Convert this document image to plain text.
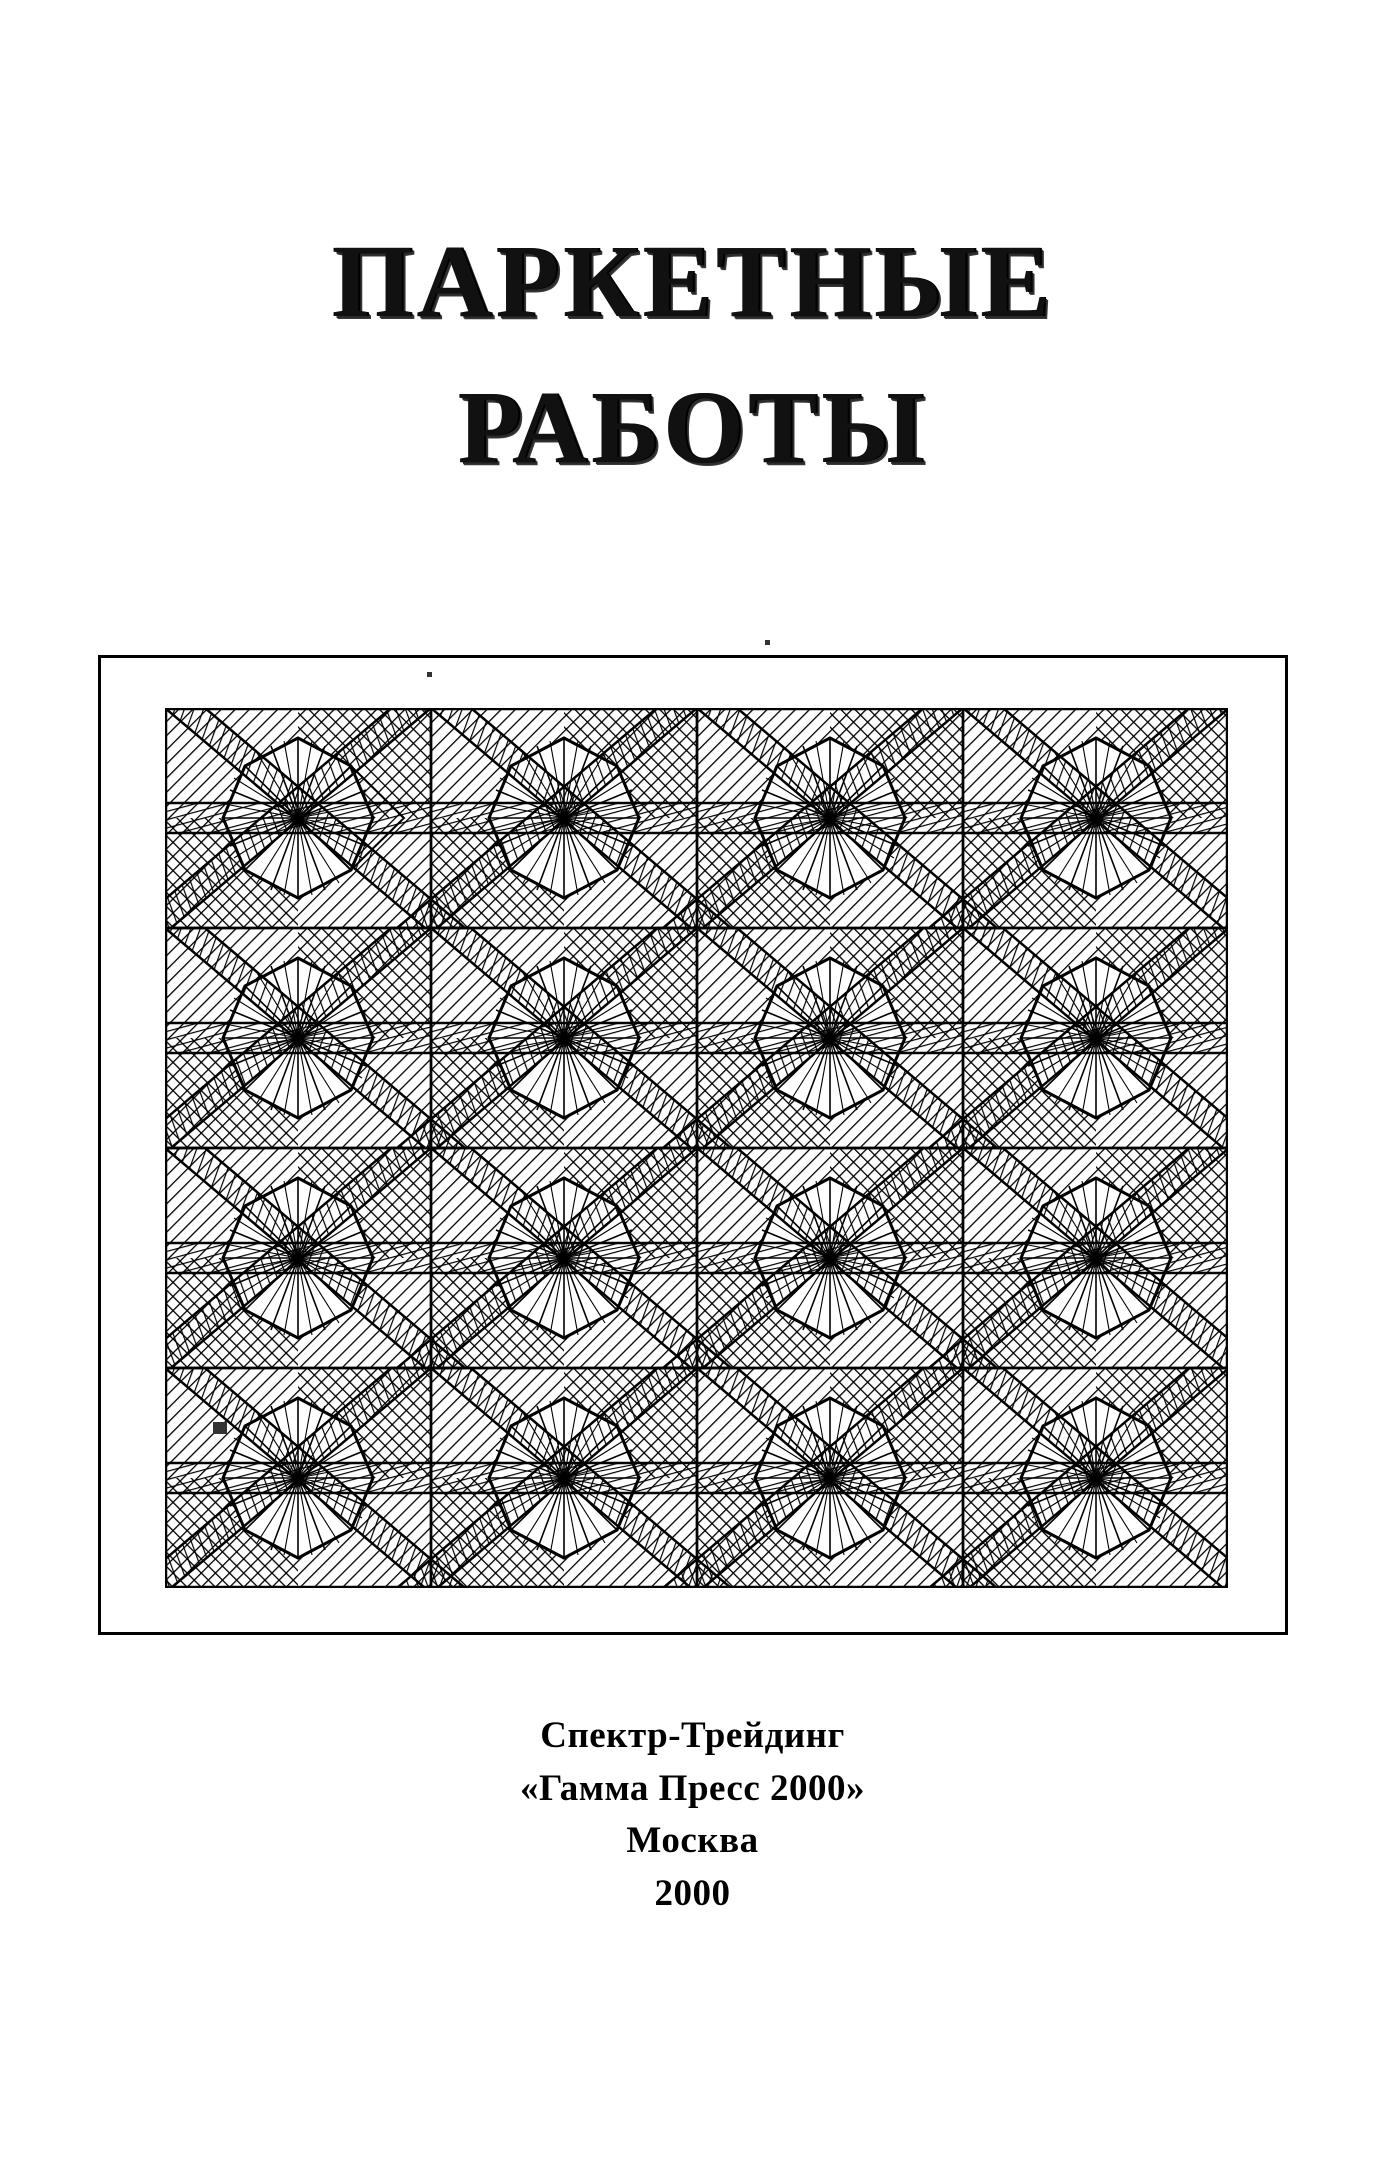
ПАРКЕТНЫЕ
РАБОТЫ
Спектр-Трейдинг
«Гамма Пресс 2000»
Москва
2000
